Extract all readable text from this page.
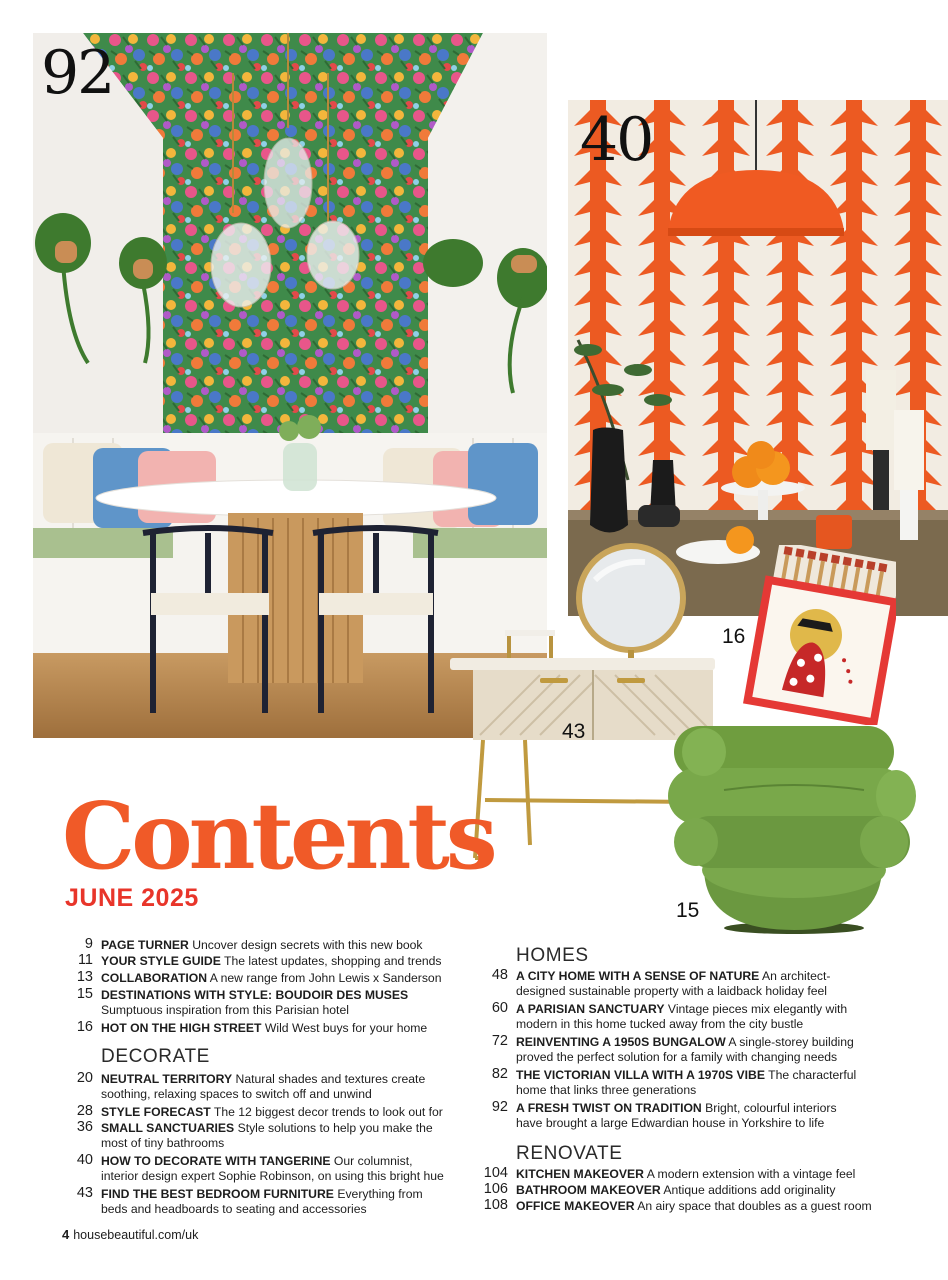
92
40
16
43
15
Contents
JUNE 2025
9 PAGE TURNER Uncover design secrets with this new book
11 YOUR STYLE GUIDE The latest updates, shopping and trends
13 COLLABORATION A new range from John Lewis x Sanderson
15 DESTINATIONS WITH STYLE: BOUDOIR DES MUSES
Sumptuous inspiration from this Parisian hotel
16 HOT ON THE HIGH STREET Wild West buys for your home
DECORATE
20 NEUTRAL TERRITORY Natural shades and textures create soothing, relaxing spaces to switch off and unwind
28 STYLE FORECAST The 12 biggest decor trends to look out for
36 SMALL SANCTUARIES Style solutions to help you make the most of tiny bathrooms
40 HOW TO DECORATE WITH TANGERINE Our columnist, interior design expert Sophie Robinson, on using this bright hue
43 FIND THE BEST BEDROOM FURNITURE Everything from beds and headboards to seating and accessories
HOMES
48 A CITY HOME WITH A SENSE OF NATURE An architect-designed sustainable property with a laidback holiday feel
60 A PARISIAN SANCTUARY Vintage pieces mix elegantly with modern in this home tucked away from the city bustle
72 REINVENTING A 1950S BUNGALOW A single-storey building proved the perfect solution for a family with changing needs
82 THE VICTORIAN VILLA WITH A 1970S VIBE The characterful home that links three generations
92 A FRESH TWIST ON TRADITION Bright, colourful interiors have brought a large Edwardian house in Yorkshire to life
RENOVATE
104 KITCHEN MAKEOVER A modern extension with a vintage feel
106 BATHROOM MAKEOVER Antique additions add originality
108 OFFICE MAKEOVER An airy space that doubles as a guest room
4 housebeautiful.com/uk
